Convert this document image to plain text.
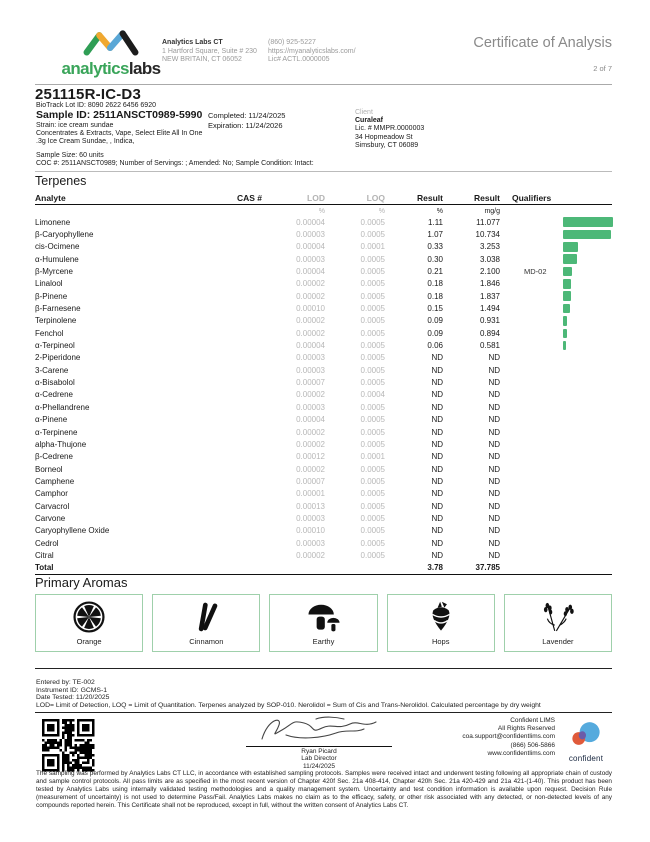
analyticslabs
Analytics Labs CT
1 Hartford Square, Suite # 230
NEW BRITAIN, CT 06052
(860) 925-5227
https://myanalyticslabs.com/
Lic# ACTL.0000005
Certificate of Analysis
2 of 7
251115R-IC-D3
BioTrack Lot ID: 8090 2622 6456 6920
Sample ID: 2511ANSCT0989-5990
Strain: ice cream sundae
Concentrates & Extracts, Vape, Select Elite All In One .3g Ice Cream Sundae, , Indica,
Completed: 11/24/2025
Expiration: 11/24/2026
Client
Curaleaf
Lic. # MMPR.0000003
34 Hopmeadow St
Simsbury, CT 06089
Sample Size: 60 units
COC #: 2511ANSCT0989; Number of Servings: ; Amended: No; Sample Condition: Intact:
Terpenes
Analyte	CAS #	LOD	LOQ	Result	Result	Qualifiers
%	%	%	mg/g
Limonene	0.00004	0.0005	1.11	11.077
β-Caryophyllene	0.00003	0.0005	1.07	10.734
cis-Ocimene	0.00004	0.0001	0.33	3.253
α-Humulene	0.00003	0.0005	0.30	3.038
β-Myrcene	0.00004	0.0005	0.21	2.100	MD-02
Linalool	0.00002	0.0005	0.18	1.846
β-Pinene	0.00002	0.0005	0.18	1.837
β-Farnesene	0.00010	0.0005	0.15	1.494
Terpinolene	0.00002	0.0005	0.09	0.931
Fenchol	0.00002	0.0005	0.09	0.894
α-Terpineol	0.00004	0.0005	0.06	0.581
2-Piperidone	0.00003	0.0005	ND	ND
3-Carene	0.00003	0.0005	ND	ND
α-Bisabolol	0.00007	0.0005	ND	ND
α-Cedrene	0.00002	0.0004	ND	ND
α-Phellandrene	0.00003	0.0005	ND	ND
α-Pinene	0.00004	0.0005	ND	ND
α-Terpinene	0.00002	0.0005	ND	ND
alpha-Thujone	0.00002	0.0005	ND	ND
β-Cedrene	0.00012	0.0001	ND	ND
Borneol	0.00002	0.0005	ND	ND
Camphene	0.00007	0.0005	ND	ND
Camphor	0.00001	0.0005	ND	ND
Carvacrol	0.00013	0.0005	ND	ND
Carvone	0.00003	0.0005	ND	ND
Caryophyllene Oxide	0.00010	0.0005	ND	ND
Cedrol	0.00003	0.0005	ND	ND
Citral	0.00002	0.0005	ND	ND
Total	3.78	37.785
Primary Aromas
Orange	Cinnamon	Earthy	Hops	Lavender
Entered by: TE-002
Instrument ID: GCMS-1
Date Tested: 11/20/2025
LOD= Limit of Detection, LOQ = Limit of Quantitation. Terpenes analyzed by SOP-010. Nerolidol = Sum of Cis and Trans-Nerolidol. Calculated percentage by dry weight
Ryan Picard
Lab Director
11/24/2025
Confident LIMS
All Rights Reserved
coa.support@confidentlims.com
(866) 506-5866
www.confidentlims.com
confident
The sampling was performed by Analytics Labs CT LLC, in accordance with established sampling protocols. Samples were received intact and underwent testing following all appropriate chain of custody and sample control protocols. All pass limits are as specified in the most recent version of Chapter 420f Sec. 21a 408-414, Chapter 420h Sec. 21a 420-429 and 21a 421-(1-40). This product has been tested by Analytics Labs using internally validated testing methodologies and a quality management system. Uncertainty and test condition information is available upon request. Decision Rule (measurement of uncertainty) is not used to determine Pass/Fail. Analytics Labs makes no claim as to the efficacy, safety, or other risk associated with any detected, or non-detected levels of any compounds reported herein. This Certificate shall not be reproduced, except in full, without the written consent of Analytics Labs CT.
